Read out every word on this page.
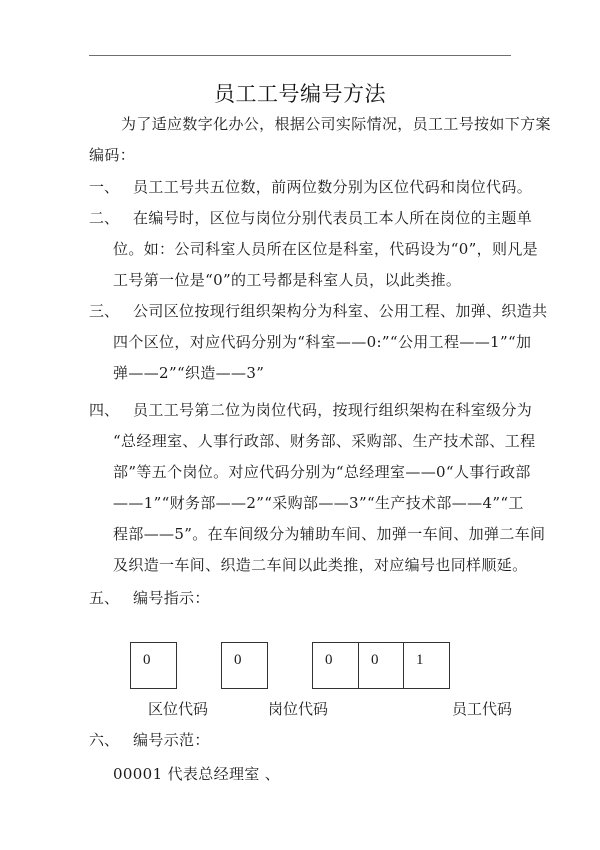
员工工号编号方法
为了适应数字化办公，根据公司实际情况，员工工号按如下方案
编码：
一、 员工工号共五位数，前两位数分别为区位代码和岗位代码。
二、 在编号时，区位与岗位分别代表员工本人所在岗位的主题单
位。如：公司科室人员所在区位是科室，代码设为“0”，则凡是
工号第一位是“0”的工号都是科室人员，以此类推。
三、 公司区位按现行组织架构分为科室、公用工程、加弹、织造共
四个区位，对应代码分别为“科室——0:”“公用工程——1”“加
弹——2”“织造——3”
四、 员工工号第二位为岗位代码，按现行组织架构在科室级分为
“总经理室、人事行政部、财务部、采购部、生产技术部、工程
部”等五个岗位。对应代码分别为“总经理室——0“人事行政部
——1”“财务部——2”“采购部——3”“生产技术部——4”“工
程部——5”。在车间级分为辅助车间、加弹一车间、加弹二车间
及织造一车间、织造二车间以此类推，对应编号也同样顺延。
五、 编号指示：
0	0	0	0	1
区位代码	岗位代码	员工代码
六、 编号示范：
00001 代表总经理室 、
